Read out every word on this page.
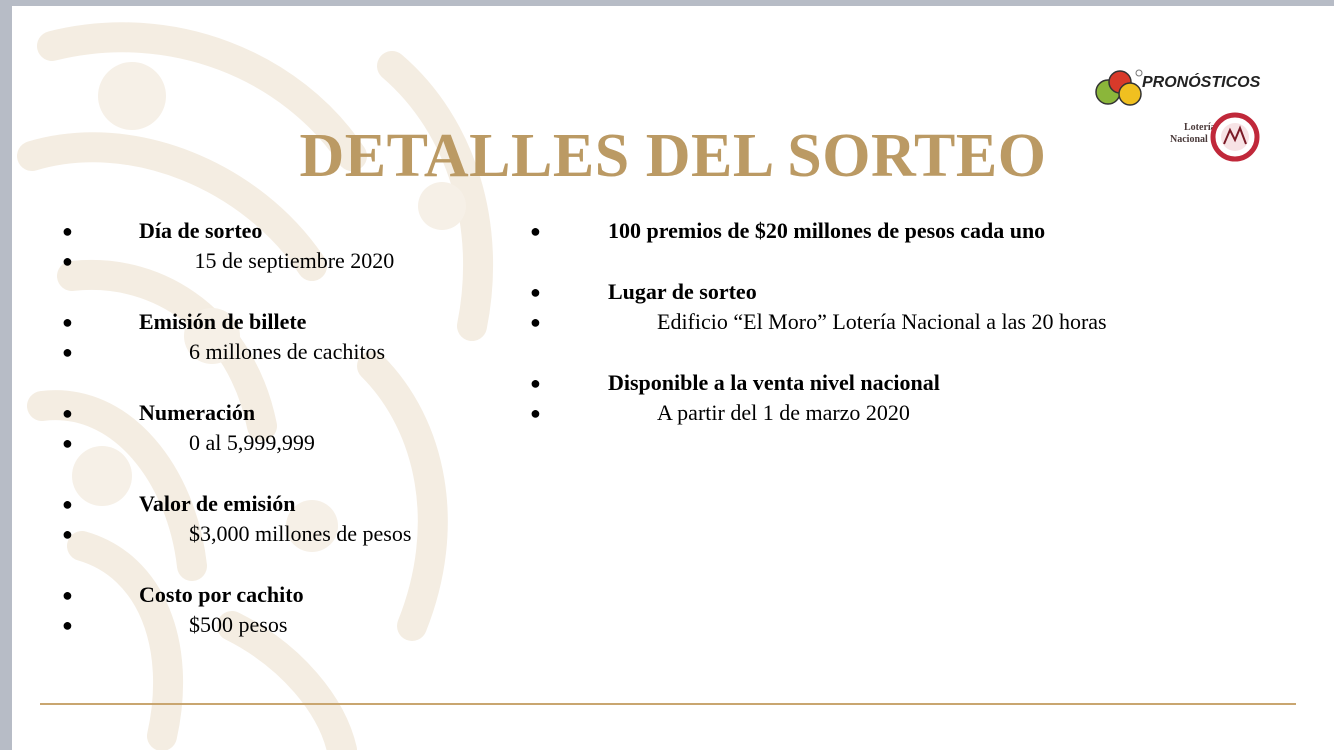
PRONÓSTICOS
Lotería
Nacional
DETALLES DEL SORTEO
●	Día de sorteo
●	15 de septiembre 2020
●	Emisión de billete
●	6 millones de cachitos
●	Numeración
●	0 al 5,999,999
●	Valor de emisión
●	$3,000 millones de pesos
●	Costo por cachito
●	$500 pesos
●	100 premios de $20 millones de pesos cada uno
●	Lugar de sorteo
●	Edificio “El Moro” Lotería Nacional a las 20 horas
●	Disponible a la venta nivel nacional
●	A partir del 1 de marzo 2020
